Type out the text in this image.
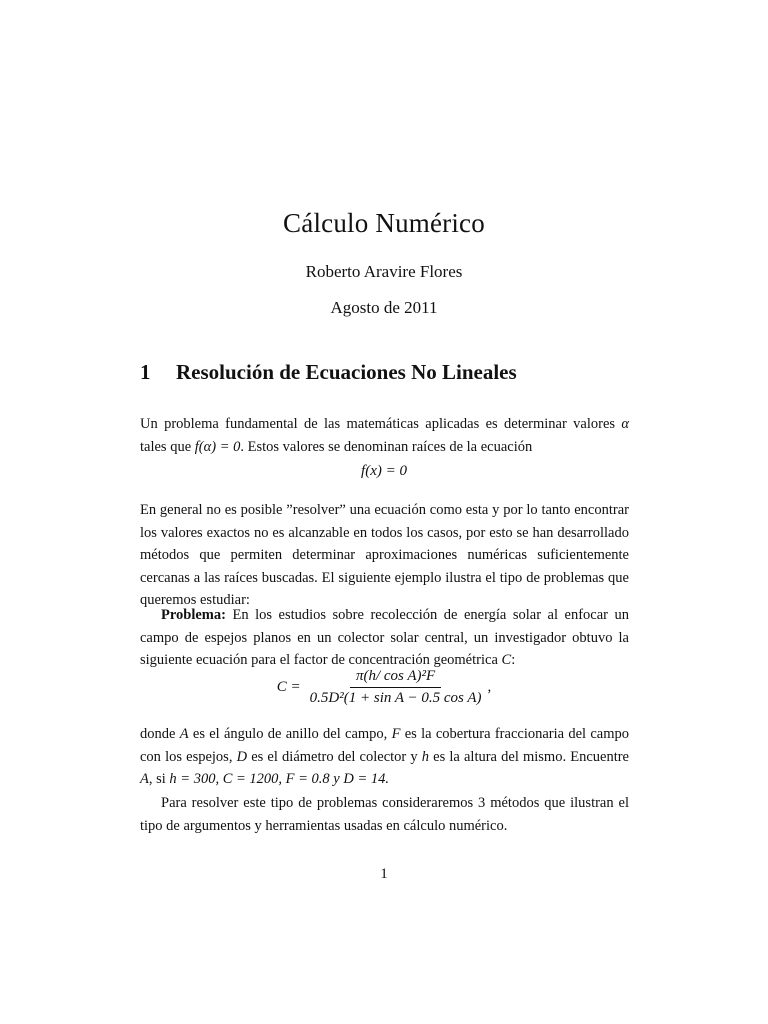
Cálculo Numérico
Roberto Aravire Flores
Agosto de 2011
1 Resolución de Ecuaciones No Lineales
Un problema fundamental de las matemáticas aplicadas es determinar valores α tales que f(α) = 0. Estos valores se denominan raíces de la ecuación
f(x) = 0
En general no es posible ”resolver” una ecuación como esta y por lo tanto encontrar los valores exactos no es alcanzable en todos los casos, por esto se han desarrollado métodos que permiten determinar aproximaciones numéricas suficientemente cercanas a las raíces buscadas. El siguiente ejemplo ilustra el tipo de problemas que queremos estudiar:
Problema: En los estudios sobre recolección de energía solar al enfocar un campo de espejos planos en un colector solar central, un investigador obtuvo la siguiente ecuación para el factor de concentración geométrica C:
$C = \frac{\text{π(h/ cos A)²F}}{\text{0.5D²(1 + sin A − 0.5 cos A)}}$ ,
donde A es el ángulo de anillo del campo, F es la cobertura fraccionaria del campo con los espejos, D es el diámetro del colector y h es la altura del mismo. Encuentre A, si h = 300, C = 1200, F = 0.8 y D = 14.
Para resolver este tipo de problemas consideraremos 3 métodos que ilustran el tipo de argumentos y herramientas usadas en cálculo numérico.
1
